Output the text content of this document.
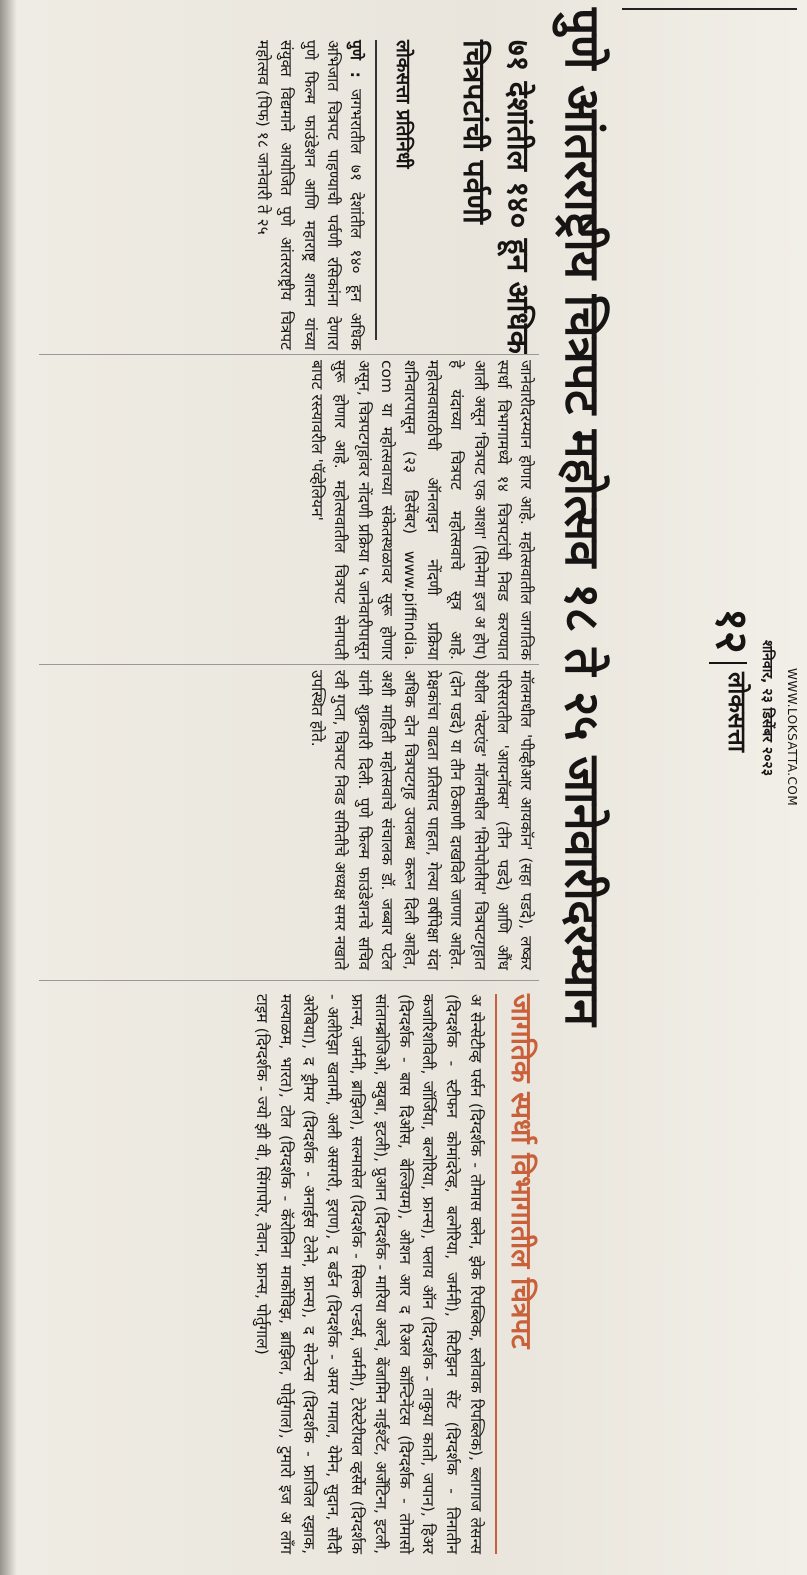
WWW.LOKSATTA.COM
शनिवार, २३ डिसेंबर २०२३
१२
लोकसत्ता
पुणे आंतरराष्ट्रीय चित्रपट महोत्सव १८ ते २५ जानेवारीदरम्यान
७१ देशांतील १४० हून अधिक चित्रपटांची पर्वणी
लोकसत्ता प्रतिनिधी
पुणे : जगभरातील ७१ देशांतील १४० हून अधिक अभिजात चित्रपट पाहण्याची पर्वणी रसिकांना देणारा पुणे फिल्म फाउंडेशन आणि महाराष्ट्र शासन यांच्या संयुक्त विद्यमाने आयोजित पुणे आंतरराष्ट्रीय चित्रपट महोत्सव (पिफ) १८ जानेवारी ते २५
जानेवारीदरम्यान होणार आहे. महोत्सवातील जागतिक स्पर्धा विभागामध्ये १४ चित्रपटांची निवड करण्यात आली असून 'चित्रपट एक आशा' (सिनेमा इज अ होप) हे यंदाच्या चित्रपट महोत्सवाचे सूत्र आहे. महोत्सवासाठीची ऑनलाइन नोंदणी प्रक्रिया शनिवारपासून (२३ डिसेंबर) www.piffindia. com या महोत्सवाच्या संकेतस्थळावर सुरू होणार असून, चित्रपटगृहांवर नोंदणी प्रक्रिया ५ जानेवारीपासून सुरू होणार आहे. महोत्सवातील चित्रपट सेनापती बापट रस्त्यावरील 'पॅव्हेलियन'
मॉलमधील 'पीव्हीआर आयकॉन' (सहा पडदे), लष्कर परिसरातील 'आयनॉक्स' (तीन पडदे) आणि औंध येथील 'वेस्टएंड' मॉलमधील 'सिनेपोलीस' चित्रपटगृहात (दोन पडदे) या तीन ठिकाणी दाखविले जाणार आहेत. प्रेक्षकांचा वाढता प्रतिसाद पाहता, गेल्या वर्षीपेक्षा यंदा अधिक दोन चित्रपटगृह उपलब्ध करून दिली आहेत, अशी माहिती महोत्सवाचे संचालक डॉ. जब्बार पटेल यांनी शुक्रवारी दिली. पुणे फिल्म फाउंडेशनचे सचिव रवी गुप्ता, चित्रपट निवड समितीचे अध्यक्ष समर नखाते उपस्थित होते.
जागतिक स्पर्धा विभागातील चित्रपट
अ सेन्सेटीव्ह पर्सन (दिग्दर्शक - तोमास क्लेन, झेक रिपब्लिक, स्लोवाक रिपब्लिक), ब्लागाज लेसन्स (दिग्दर्शक - स्टीफन कोमांदरेव्ह, बल्गेरिया, जर्मनी), सिटीझन सेंट (दिग्दर्शक - तिनातीन कजारिशविली, जॉर्जिया, बल्गेरिया, फ्रान्स), फ्लाय ऑन (दिग्दर्शक - ताकुया कातो, जपान), हिअर (दिग्दर्शक - बास दिओस, बेल्जियम), ओशन आर द रिअल कॉन्टिनेंटस (दिग्दर्शक - तोमासो सांताम्ब्रोजिओ, क्युबा, इटली), प्रुआन (दिग्दर्शक - मारिया अल्चे, बेंजामिन नाईश्टॅट, अर्जेंटिना, इटली, फ्रान्स, जर्मनी, ब्राझिल), सल्मासेल (दिग्दर्शक - सिल्क एन्डर्स, जर्मनी), टेरेस्टेरीयल व्हर्सेस (दिग्दर्शक - अलीरेझा खतामी, अली असगरी, इराण), द बर्डन (दिग्दर्शक - अमर गमाल, येमेन, सुदान, सौदी अरेबिया), द ड्रीमर (दिग्दर्शक - अनाईस टेलेने, फ्रान्स), द सेन्टेन्स (दिग्दर्शक - फ्राजिल रझाक, मल्याळम, भारत), टोल (दिग्दर्शक - कॅरोलिना मार्कोविझ, ब्राझिल, पोर्तुगाल), टुमारो इज अ लॉंग टाइम (दिग्दर्शक - ज्यो झी वी, सिंगापोर, तैवान, फ्रान्स, पोर्तुगाल)
